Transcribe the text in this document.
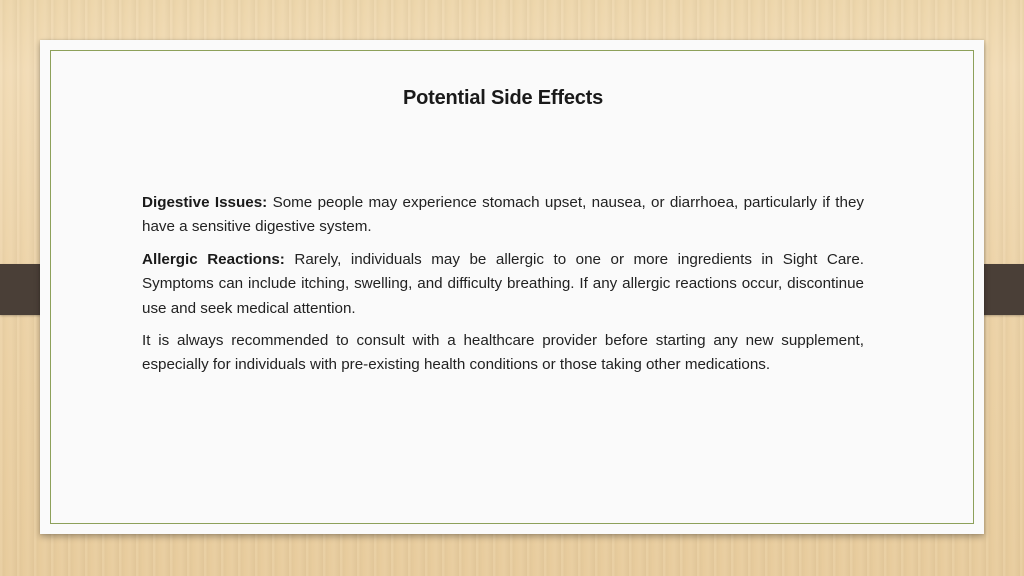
Potential Side Effects

Digestive Issues: Some people may experience stomach upset, nausea, or diarrhoea, particularly if they have a sensitive digestive system.

Allergic Reactions: Rarely, individuals may be allergic to one or more ingredients in Sight Care. Symptoms can include itching, swelling, and difficulty breathing. If any allergic reactions occur, discontinue use and seek medical attention.

It is always recommended to consult with a healthcare provider before starting any new supplement, especially for individuals with pre-existing health conditions or those taking other medications.
